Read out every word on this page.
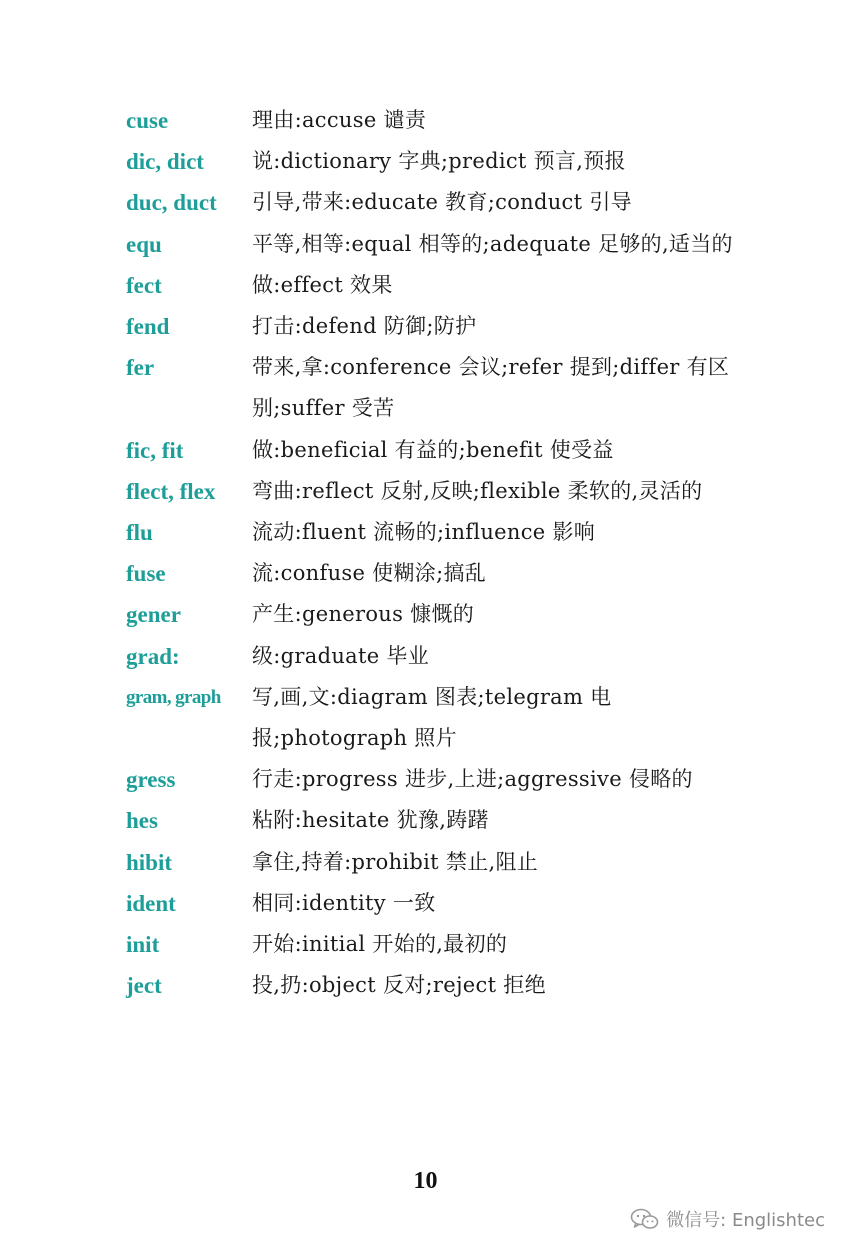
cuse	理由:accuse 谴责
dic, dict	说:dictionary 字典;predict 预言,预报
duc, duct	引导,带来:educate 教育;conduct 引导
equ	平等,相等:equal 相等的;adequate 足够的,适当的
fect	做:effect 效果
fend	打击:defend 防御;防护
fer	带来,拿:conference 会议;refer 提到;differ 有区别;suffer 受苦
fic, fit	做:beneficial 有益的;benefit 使受益
flect, flex	弯曲:reflect 反射,反映;flexible 柔软的,灵活的
flu	流动:fluent 流畅的;influence 影响
fuse	流:confuse 使糊涂;搞乱
gener	产生:generous 慷慨的
grad:	级:graduate 毕业
gram, graph	写,画,文:diagram 图表;telegram 电报;photograph 照片
gress	行走:progress 进步,上进;aggressive 侵略的
hes	粘附:hesitate 犹豫,踌躇
hibit	拿住,持着:prohibit 禁止,阻止
ident	相同:identity 一致
init	开始:initial 开始的,最初的
ject	投,扔:object 反对;reject 拒绝
10
微信号: Englishtec
